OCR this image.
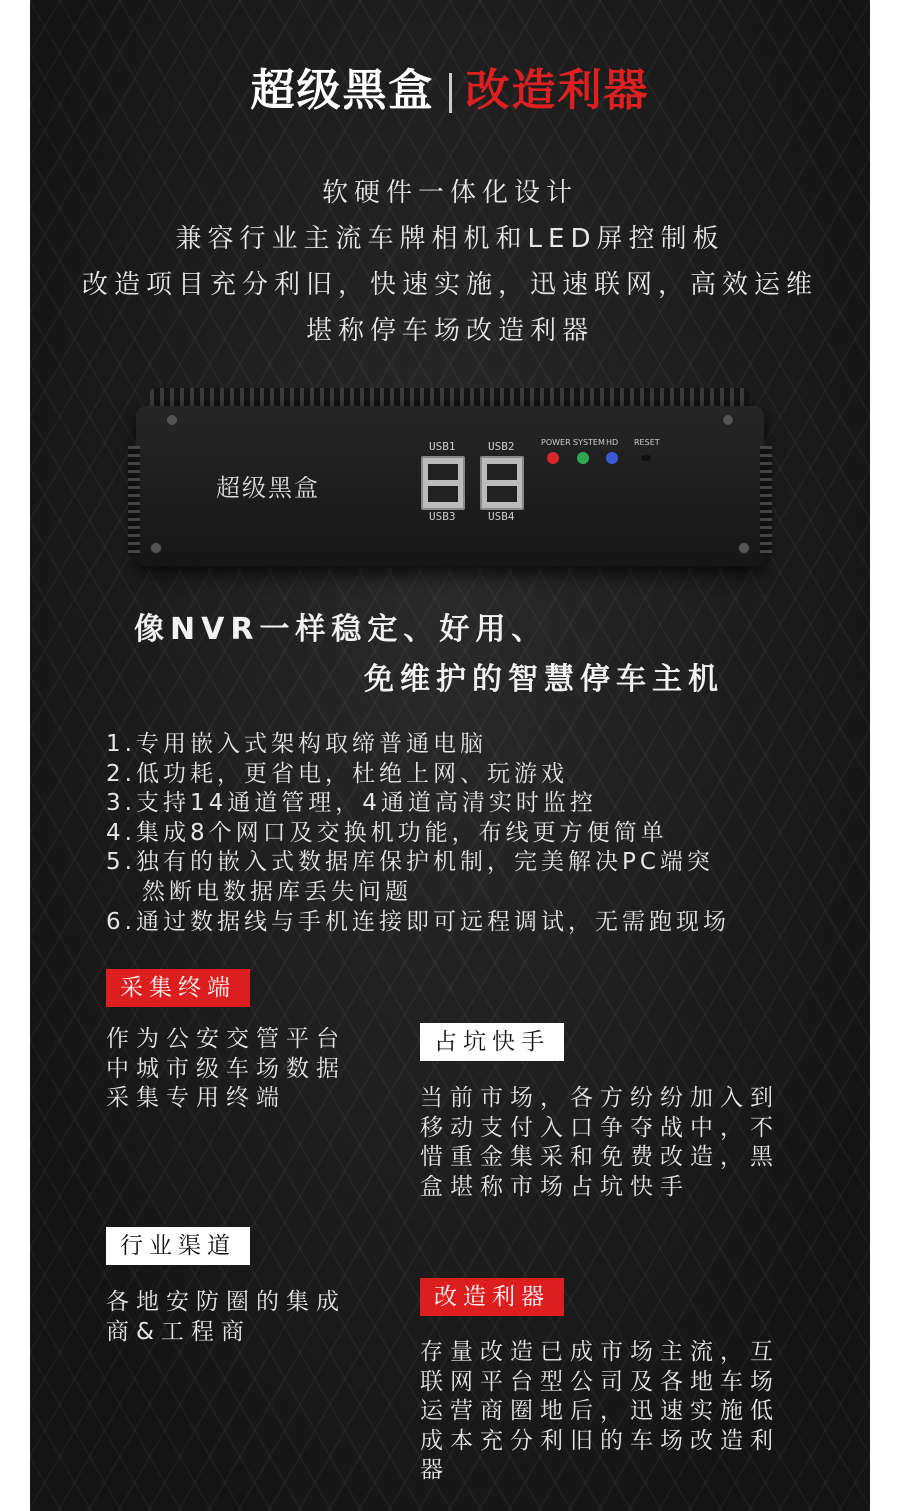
超级黑盒 改造利器
软硬件一体化设计
兼容行业主流车牌相机和LED屏控制板
改造项目充分利旧，快速实施，迅速联网，高效运维
堪称停车场改造利器
超级黑盒
USB1	USB2
USB3	USB4
POWER SYSTEM HD RESET
像NVR一样稳定、好用、
免维护的智慧停车主机
1.专用嵌入式架构取缔普通电脑
2.低功耗，更省电，杜绝上网、玩游戏
3.支持14通道管理，4通道高清实时监控
4.集成8个网口及交换机功能，布线更方便简单
5.独有的嵌入式数据库保护机制，完美解决PC端突
然断电数据库丢失问题
6.通过数据线与手机连接即可远程调试，无需跑现场
采集终端
作为公安交管平台
中城市级车场数据
采集专用终端
占坑快手
当前市场，各方纷纷加入到
移动支付入口争夺战中，不
惜重金集采和免费改造，黑
盒堪称市场占坑快手
行业渠道
各地安防圈的集成
商&工程商
改造利器
存量改造已成市场主流，互
联网平台型公司及各地车场
运营商圈地后，迅速实施低
成本充分利旧的车场改造利
器
